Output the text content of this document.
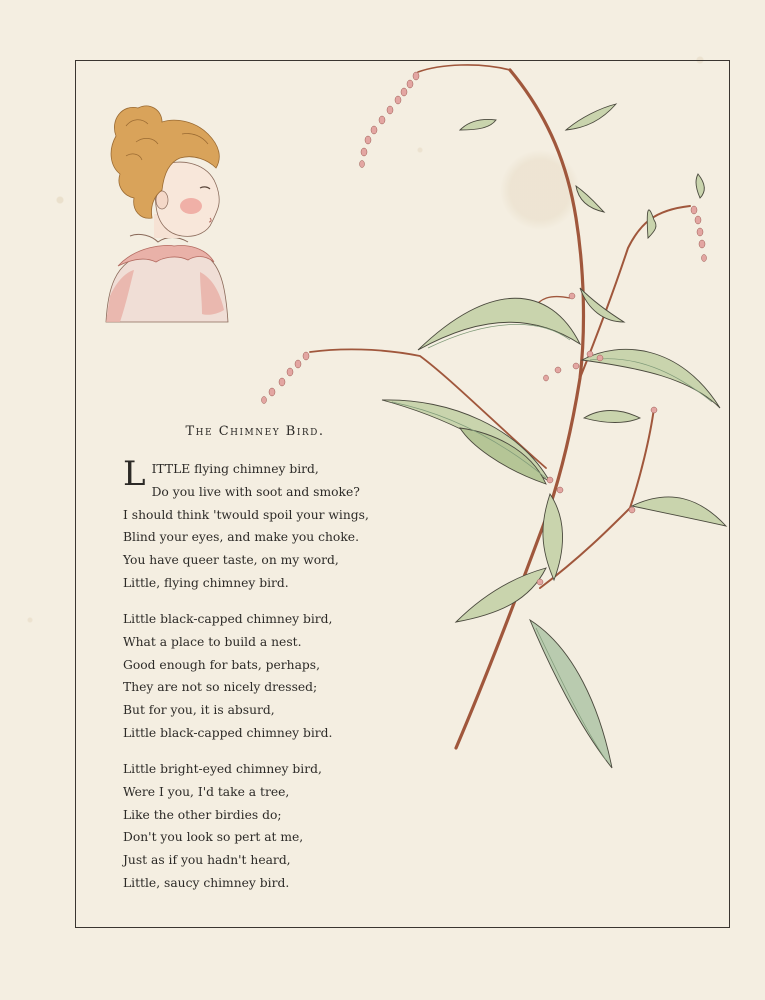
The Chimney Bird.
LITTLE flying chimney bird,
Do you live with soot and smoke?
I should think 'twould spoil your wings,
Blind your eyes, and make you choke.
You have queer taste, on my word,
Little, flying chimney bird.
Little black-capped chimney bird,
What a place to build a nest.
Good enough for bats, perhaps,
They are not so nicely dressed;
But for you, it is absurd,
Little black-capped chimney bird.
Little bright-eyed chimney bird,
Were I you, I'd take a tree,
Like the other birdies do;
Don't you look so pert at me,
Just as if you hadn't heard,
Little, saucy chimney bird.
